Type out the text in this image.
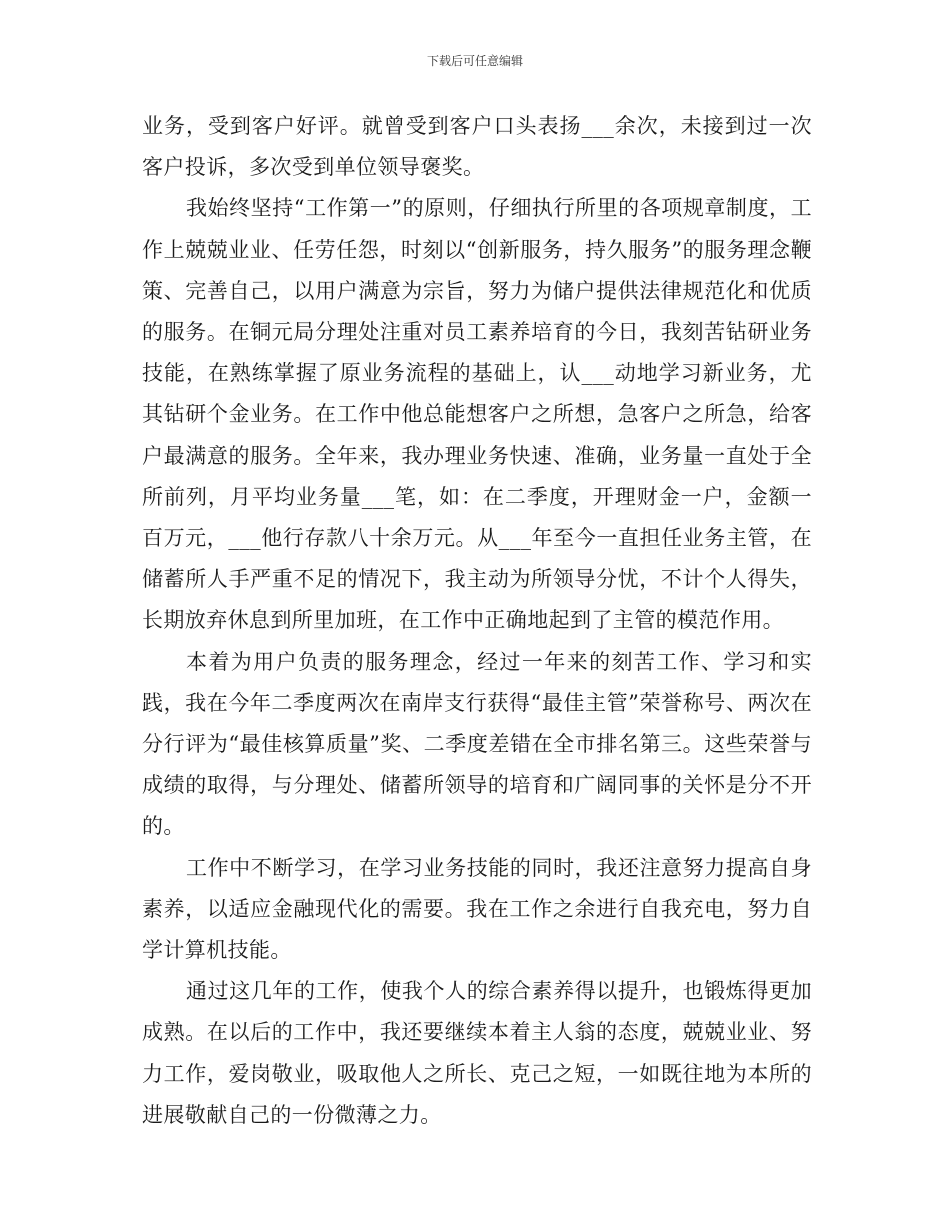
下载后可任意编辑

业务，受到客户好评。就曾受到客户口头表扬___余次，未接到过一次客户投诉，多次受到单位领导褒奖。

我始终坚持“工作第一”的原则，仔细执行所里的各项规章制度，工作上兢兢业业、任劳任怨，时刻以“创新服务，持久服务”的服务理念鞭策、完善自己，以用户满意为宗旨，努力为储户提供法律规范化和优质的服务。在铜元局分理处注重对员工素养培育的今日，我刻苦钻研业务技能，在熟练掌握了原业务流程的基础上，认___动地学习新业务，尤其钻研个金业务。在工作中他总能想客户之所想，急客户之所急，给客户最满意的服务。全年来，我办理业务快速、准确，业务量一直处于全所前列，月平均业务量___笔，如：在二季度，开理财金一户，金额一百万元，___他行存款八十余万元。从___年至今一直担任业务主管，在储蓄所人手严重不足的情况下，我主动为所领导分忧，不计个人得失，长期放弃休息到所里加班，在工作中正确地起到了主管的模范作用。

本着为用户负责的服务理念，经过一年来的刻苦工作、学习和实践，我在今年二季度两次在南岸支行获得“最佳主管”荣誉称号、两次在分行评为“最佳核算质量”奖、二季度差错在全市排名第三。这些荣誉与成绩的取得，与分理处、储蓄所领导的培育和广阔同事的关怀是分不开的。

工作中不断学习，在学习业务技能的同时，我还注意努力提高自身素养，以适应金融现代化的需要。我在工作之余进行自我充电，努力自学计算机技能。

通过这几年的工作，使我个人的综合素养得以提升，也锻炼得更加成熟。在以后的工作中，我还要继续本着主人翁的态度，兢兢业业、努力工作，爱岗敬业，吸取他人之所长、克己之短，一如既往地为本所的进展敬献自己的一份微薄之力。
